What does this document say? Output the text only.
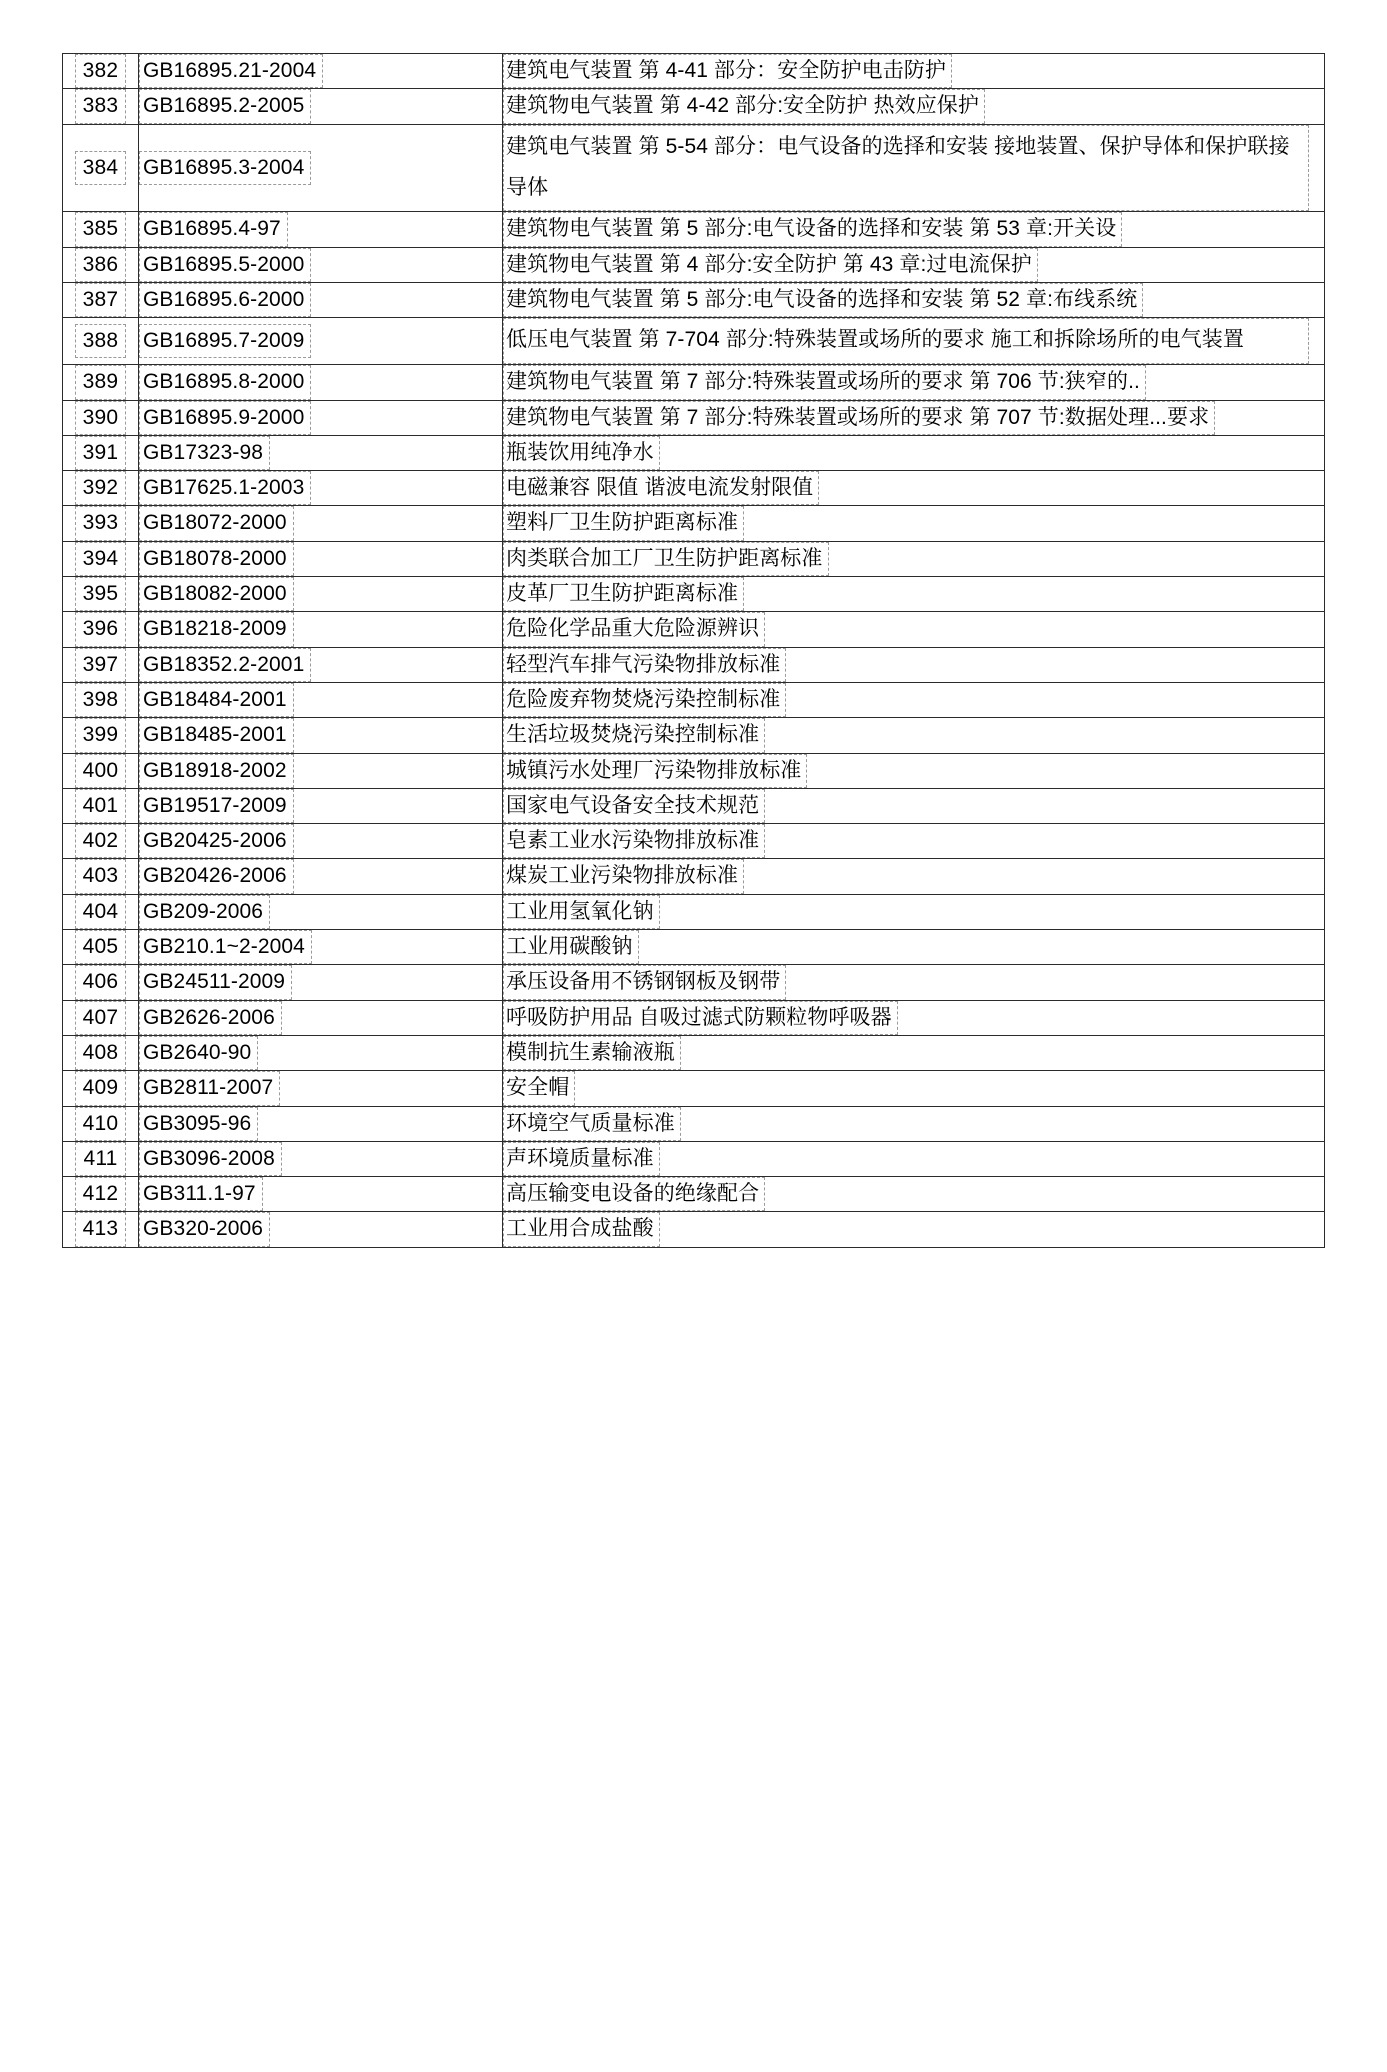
382	GB16895.21-2004	建筑电气装置 第 4-41 部分：安全防护电击防护
383	GB16895.2-2005	建筑物电气装置 第 4-42 部分:安全防护 热效应保护
384	GB16895.3-2004	建筑电气装置 第 5-54 部分：电气设备的选择和安装 接地装置、保护导体和保护联接导体

385	GB16895.4-97	建筑物电气装置 第 5 部分:电气设备的选择和安装 第 53 章:开关设
386	GB16895.5-2000	建筑物电气装置 第 4 部分:安全防护 第 43 章:过电流保护
387	GB16895.6-2000	建筑物电气装置 第 5 部分:电气设备的选择和安装 第 52 章:布线系统
388	GB16895.7-2009	低压电气装置 第 7-704 部分:特殊装置或场所的要求 施工和拆除场所的电气装置

389	GB16895.8-2000	建筑物电气装置 第 7 部分:特殊装置或场所的要求 第 706 节:狭窄的..
390	GB16895.9-2000	建筑物电气装置 第 7 部分:特殊装置或场所的要求 第 707 节:数据处理...要求
391	GB17323-98	瓶装饮用纯净水
392	GB17625.1-2003	电磁兼容 限值 谐波电流发射限值
393	GB18072-2000	塑料厂卫生防护距离标准
394	GB18078-2000	肉类联合加工厂卫生防护距离标准
395	GB18082-2000	皮革厂卫生防护距离标准
396	GB18218-2009	危险化学品重大危险源辨识
397	GB18352.2-2001	轻型汽车排气污染物排放标准
398	GB18484-2001	危险废弃物焚烧污染控制标准
399	GB18485-2001	生活垃圾焚烧污染控制标准
400	GB18918-2002	城镇污水处理厂污染物排放标准
401	GB19517-2009	国家电气设备安全技术规范
402	GB20425-2006	皂素工业水污染物排放标准
403	GB20426-2006	煤炭工业污染物排放标准
404	GB209-2006	工业用氢氧化钠
405	GB210.1~2-2004	工业用碳酸钠
406	GB24511-2009	承压设备用不锈钢钢板及钢带
407	GB2626-2006	呼吸防护用品 自吸过滤式防颗粒物呼吸器
408	GB2640-90	模制抗生素输液瓶
409	GB2811-2007	安全帽
410	GB3095-96	环境空气质量标准
411	GB3096-2008	声环境质量标准
412	GB311.1-97	高压输变电设备的绝缘配合
413	GB320-2006	工业用合成盐酸
